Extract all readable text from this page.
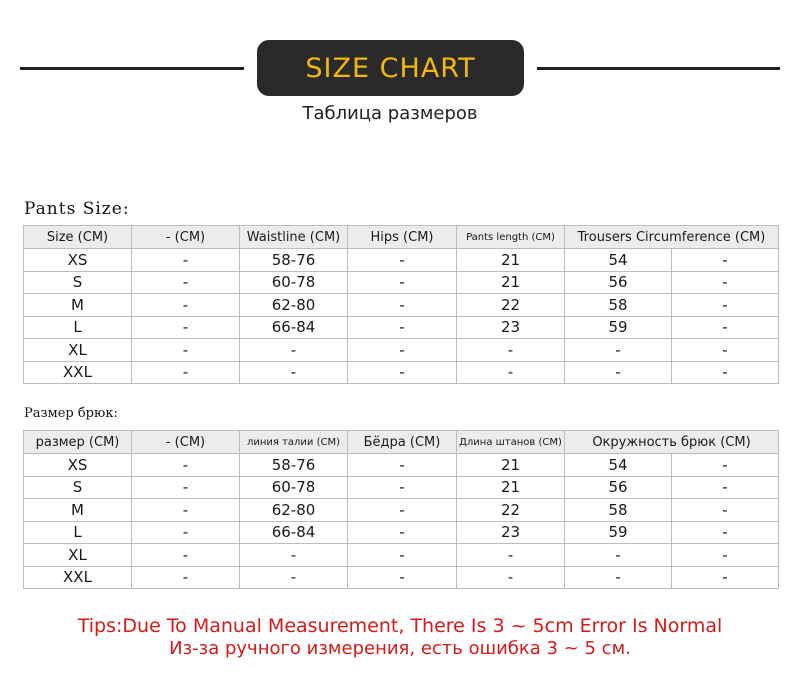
SIZE CHART
Таблица размеров
Pants Size:
Size (CM)	- (CM)	Waistline (CM)	Hips (CM)	Pants length (CM)	Trousers Circumference (CM)	
XS	-	58-76	-	21	54	-
S	-	60-78	-	21	56	-
M	-	62-80	-	22	58	-
L	-	66-84	-	23	59	-
XL	-	-	-	-	-	-
XXL	-	-	-	-	-	-
Размер брюк:
размер (CM)	- (CM)	линия талии (CM)	Бёдра (CM)	Длина штанов (CM)	Окружность брюк (CM)	
XS	-	58-76	-	21	54	-
S	-	60-78	-	21	56	-
M	-	62-80	-	22	58	-
L	-	66-84	-	23	59	-
XL	-	-	-	-	-	-
XXL	-	-	-	-	-	-
Tips:Due To Manual Measurement, There Is 3 ~ 5cm Error Is Normal
Из-за ручного измерения, есть ошибка 3 ~ 5 см.
